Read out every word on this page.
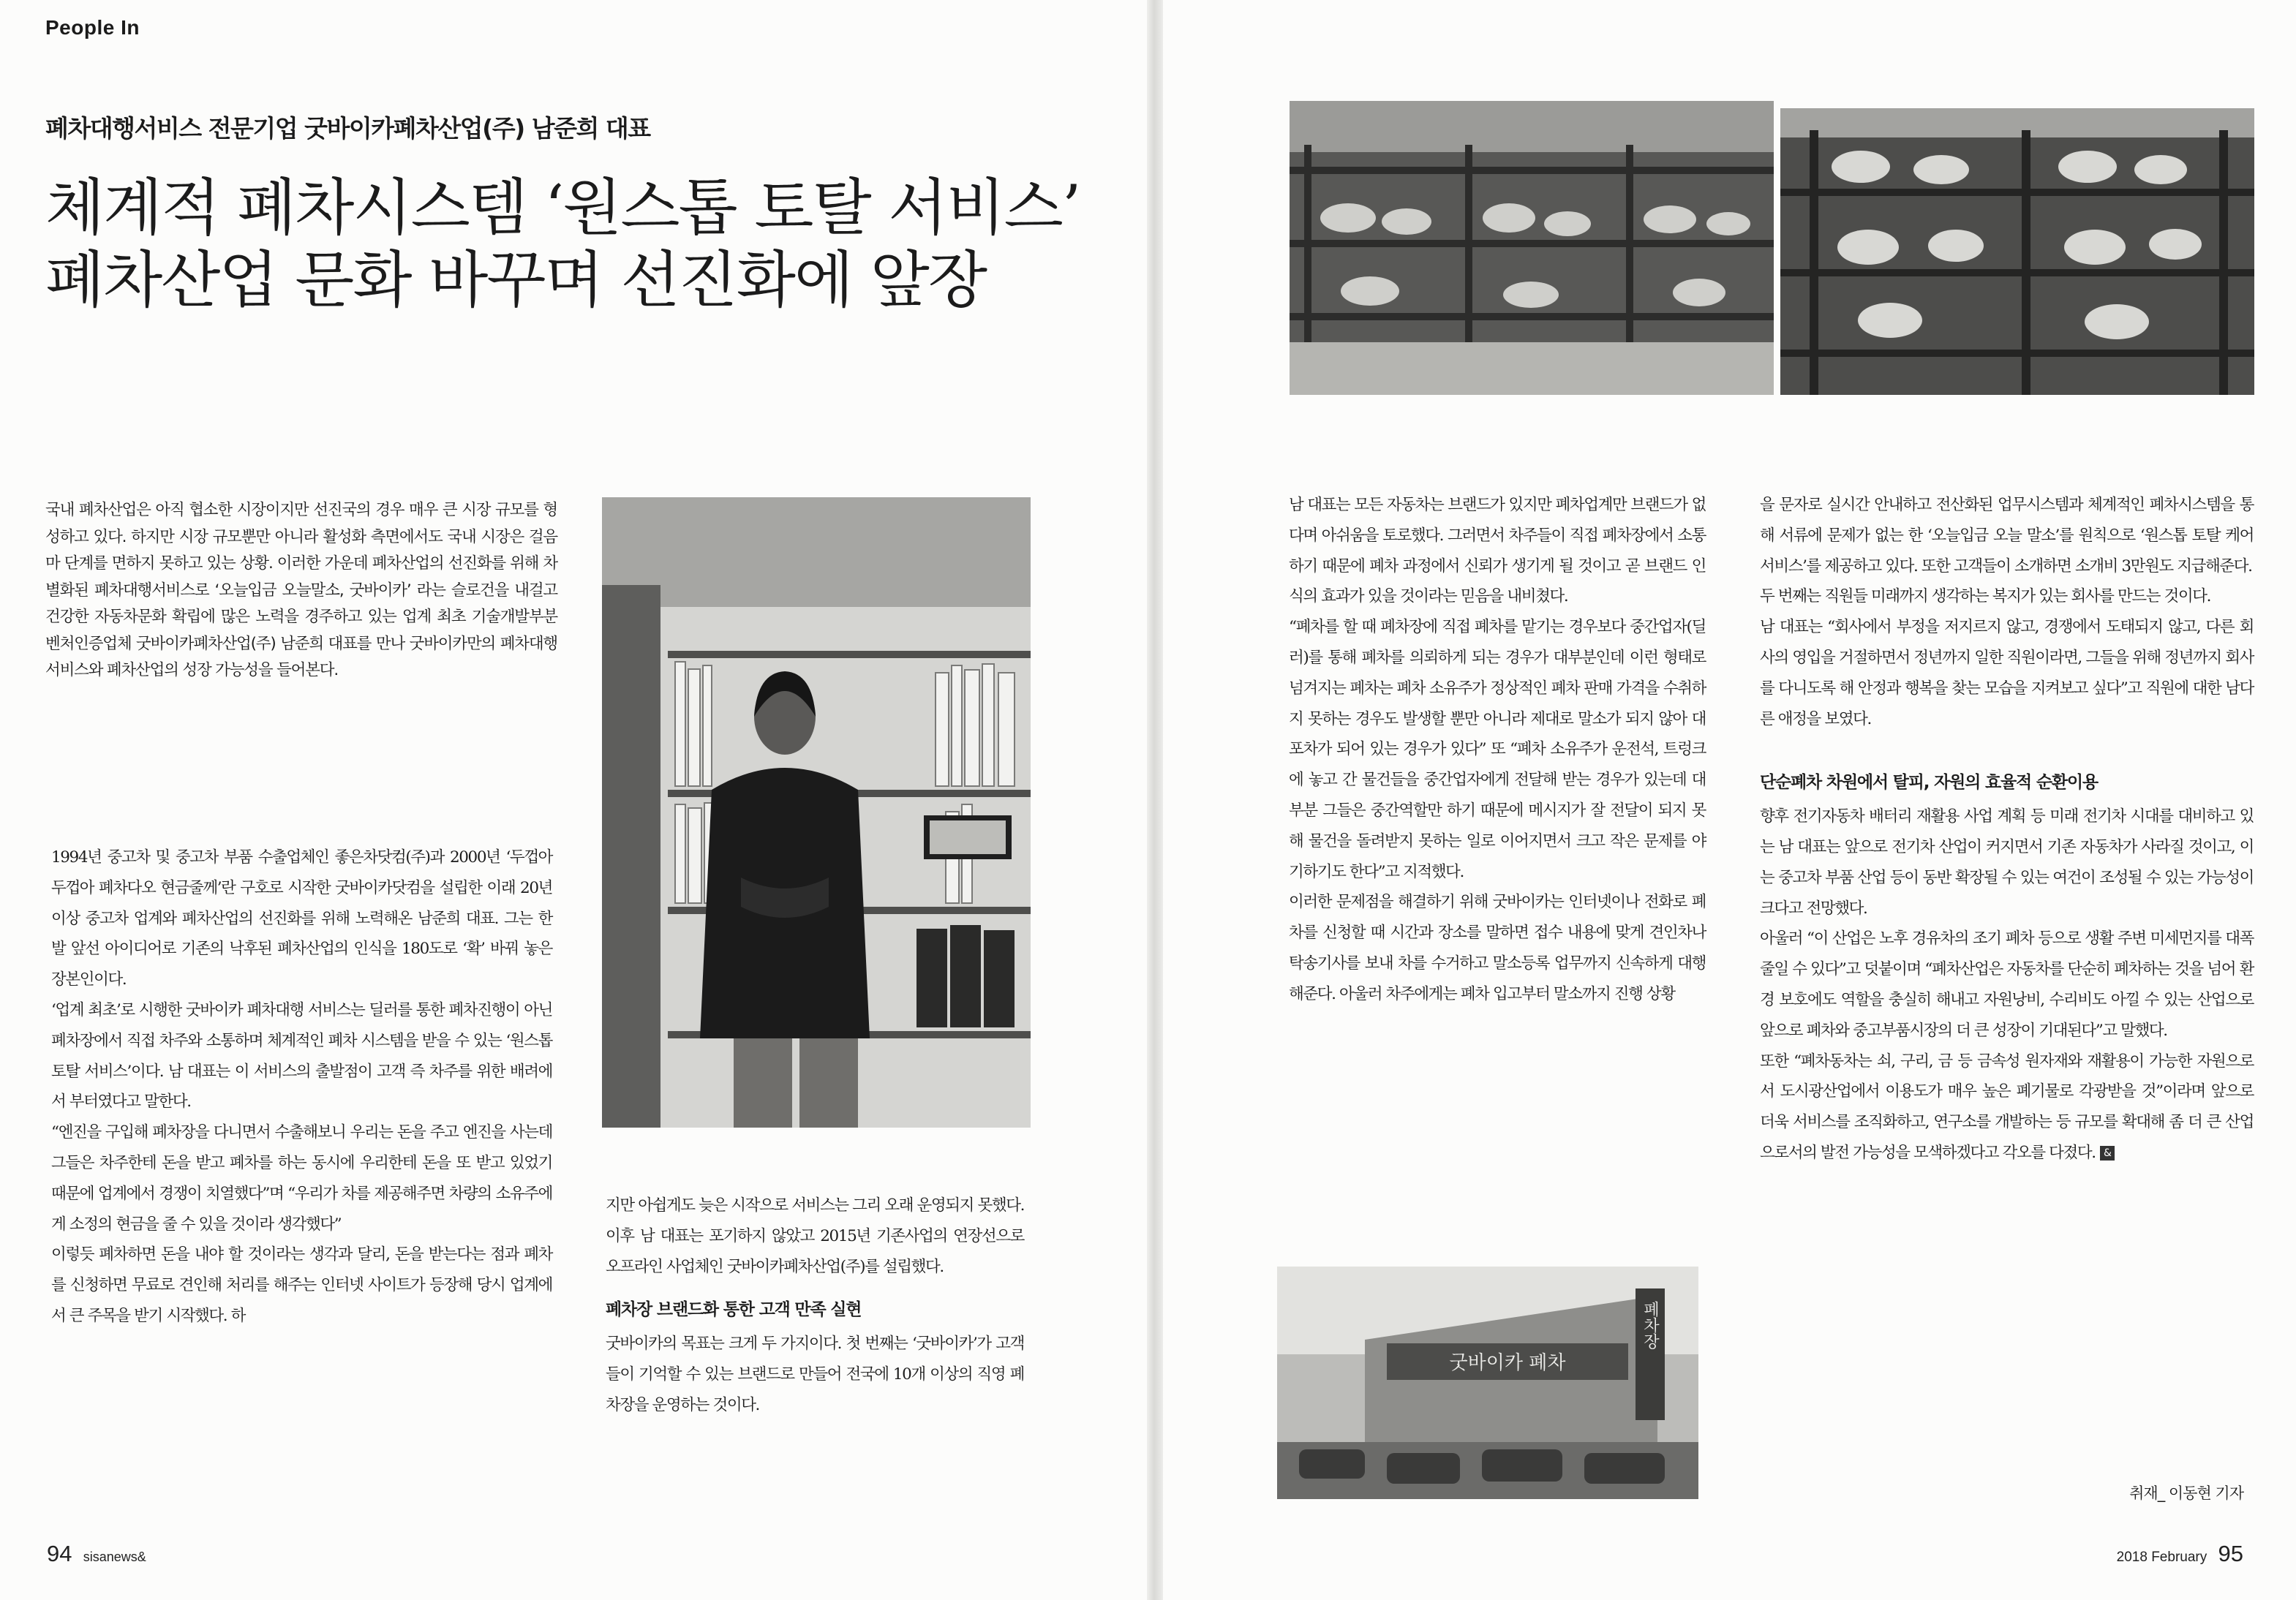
People In
폐차대행서비스 전문기업 굿바이카폐차산업(주) 남준희 대표
체계적 폐차시스템 ‘원스톱 토탈 서비스’
폐차산업 문화 바꾸며 선진화에 앞장
국내 폐차산업은 아직 협소한 시장이지만 선진국의 경우 매우 큰 시장 규모를 형성하고 있다. 하지만 시장 규모뿐만 아니라 활성화 측면에서도 국내 시장은 걸음마 단계를 면하지 못하고 있는 상황. 이러한 가운데 폐차산업의 선진화를 위해 차별화된 폐차대행서비스로 ‘오늘입금 오늘말소, 굿바이카’ 라는 슬로건을 내걸고 건강한 자동차문화 확립에 많은 노력을 경주하고 있는 업계 최초 기술개발부분 벤처인증업체 굿바이카폐차산업(주) 남준희 대표를 만나 굿바이카만의 폐차대행 서비스와 폐차산업의 성장 가능성을 들어본다.

1994년 중고차 및 중고차 부품 수출업체인 좋은차닷컴(주)과 2000년 ‘두껍아 두껍아 폐차다오 현금줄께’란 구호로 시작한 굿바이카닷컴을 설립한 이래 20년 이상 중고차 업계와 폐차산업의 선진화를 위해 노력해온 남준희 대표. 그는 한 발 앞선 아이디어로 기존의 낙후된 폐차산업의 인식을 180도로 ‘확’ 바꿔 놓은 장본인이다.

‘업계 최초’로 시행한 굿바이카 폐차대행 서비스는 딜러를 통한 폐차진행이 아닌 폐차장에서 직접 차주와 소통하며 체계적인 폐차 시스템을 받을 수 있는 ‘원스톱 토탈 서비스’이다. 남 대표는 이 서비스의 출발점이 고객 즉 차주를 위한 배려에서 부터였다고 말한다.

“엔진을 구입해 폐차장을 다니면서 수출해보니 우리는 돈을 주고 엔진을 사는데 그들은 차주한테 돈을 받고 폐차를 하는 동시에 우리한테 돈을 또 받고 있었기 때문에 업계에서 경쟁이 치열했다”며 “우리가 차를 제공해주면 차량의 소유주에게 소정의 현금을 줄 수 있을 것이라 생각했다”

이렇듯 폐차하면 돈을 내야 할 것이라는 생각과 달리, 돈을 받는다는 점과 폐차를 신청하면 무료로 견인해 처리를 해주는 인터넷 사이트가 등장해 당시 업계에서 큰 주목을 받기 시작했다. 하

지만 아쉽게도 늦은 시작으로 서비스는 그리 오래 운영되지 못했다. 이후 남 대표는 포기하지 않았고 2015년 기존사업의 연장선으로 오프라인 사업체인 굿바이카폐차산업(주)를 설립했다.

폐차장 브랜드화 통한 고객 만족 실현

굿바이카의 목표는 크게 두 가지이다. 첫 번째는 ‘굿바이카’가 고객들이 기억할 수 있는 브랜드로 만들어 전국에 10개 이상의 직영 폐차장을 운영하는 것이다.

94 sisanews&
굿바이카 폐차
폐차장

남 대표는 모든 자동차는 브랜드가 있지만 폐차업계만 브랜드가 없다며 아쉬움을 토로했다. 그러면서 차주들이 직접 폐차장에서 소통하기 때문에 폐차 과정에서 신뢰가 생기게 될 것이고 곧 브랜드 인식의 효과가 있을 것이라는 믿음을 내비쳤다.

“폐차를 할 때 폐차장에 직접 폐차를 맡기는 경우보다 중간업자(딜러)를 통해 폐차를 의뢰하게 되는 경우가 대부분인데 이런 형태로 넘겨지는 폐차는 폐차 소유주가 정상적인 폐차 판매 가격을 수취하지 못하는 경우도 발생할 뿐만 아니라 제대로 말소가 되지 않아 대포차가 되어 있는 경우가 있다” 또 “폐차 소유주가 운전석, 트렁크에 놓고 간 물건들을 중간업자에게 전달해 받는 경우가 있는데 대부분 그들은 중간역할만 하기 때문에 메시지가 잘 전달이 되지 못해 물건을 돌려받지 못하는 일로 이어지면서 크고 작은 문제를 야기하기도 한다”고 지적했다.

이러한 문제점을 해결하기 위해 굿바이카는 인터넷이나 전화로 폐차를 신청할 때 시간과 장소를 말하면 접수 내용에 맞게 견인차나 탁송기사를 보내 차를 수거하고 말소등록 업무까지 신속하게 대행해준다. 아울러 차주에게는 폐차 입고부터 말소까지 진행 상황

을 문자로 실시간 안내하고 전산화된 업무시스템과 체계적인 폐차시스템을 통해 서류에 문제가 없는 한 ‘오늘입금 오늘 말소’를 원칙으로 ‘원스톱 토탈 케어 서비스’를 제공하고 있다. 또한 고객들이 소개하면 소개비 3만원도 지급해준다.

두 번째는 직원들 미래까지 생각하는 복지가 있는 회사를 만드는 것이다.

남 대표는 “회사에서 부정을 저지르지 않고, 경쟁에서 도태되지 않고, 다른 회사의 영입을 거절하면서 정년까지 일한 직원이라면, 그들을 위해 정년까지 회사를 다니도록 해 안정과 행복을 찾는 모습을 지켜보고 싶다”고 직원에 대한 남다른 애정을 보였다.

단순폐차 차원에서 탈피, 자원의 효율적 순환이용

향후 전기자동차 배터리 재활용 사업 계획 등 미래 전기차 시대를 대비하고 있는 남 대표는 앞으로 전기차 산업이 커지면서 기존 자동차가 사라질 것이고, 이는 중고차 부품 산업 등이 동반 확장될 수 있는 여건이 조성될 수 있는 가능성이 크다고 전망했다.

아울러 “이 산업은 노후 경유차의 조기 폐차 등으로 생활 주변 미세먼지를 대폭 줄일 수 있다”고 덧붙이며 “폐차산업은 자동차를 단순히 폐차하는 것을 넘어 환경 보호에도 역할을 충실히 해내고 자원낭비, 수리비도 아낄 수 있는 산업으로 앞으로 폐차와 중고부품시장의 더 큰 성장이 기대된다”고 말했다.

또한 “폐차동차는 쇠, 구리, 금 등 금속성 원자재와 재활용이 가능한 자원으로서 도시광산업에서 이용도가 매우 높은 폐기물로 각광받을 것”이라며 앞으로 더욱 서비스를 조직화하고, 연구소를 개발하는 등 규모를 확대해 좀 더 큰 산업으로서의 발전 가능성을 모색하겠다고 각오를 다졌다. &

취재_ 이동현 기자
2018 February 95
